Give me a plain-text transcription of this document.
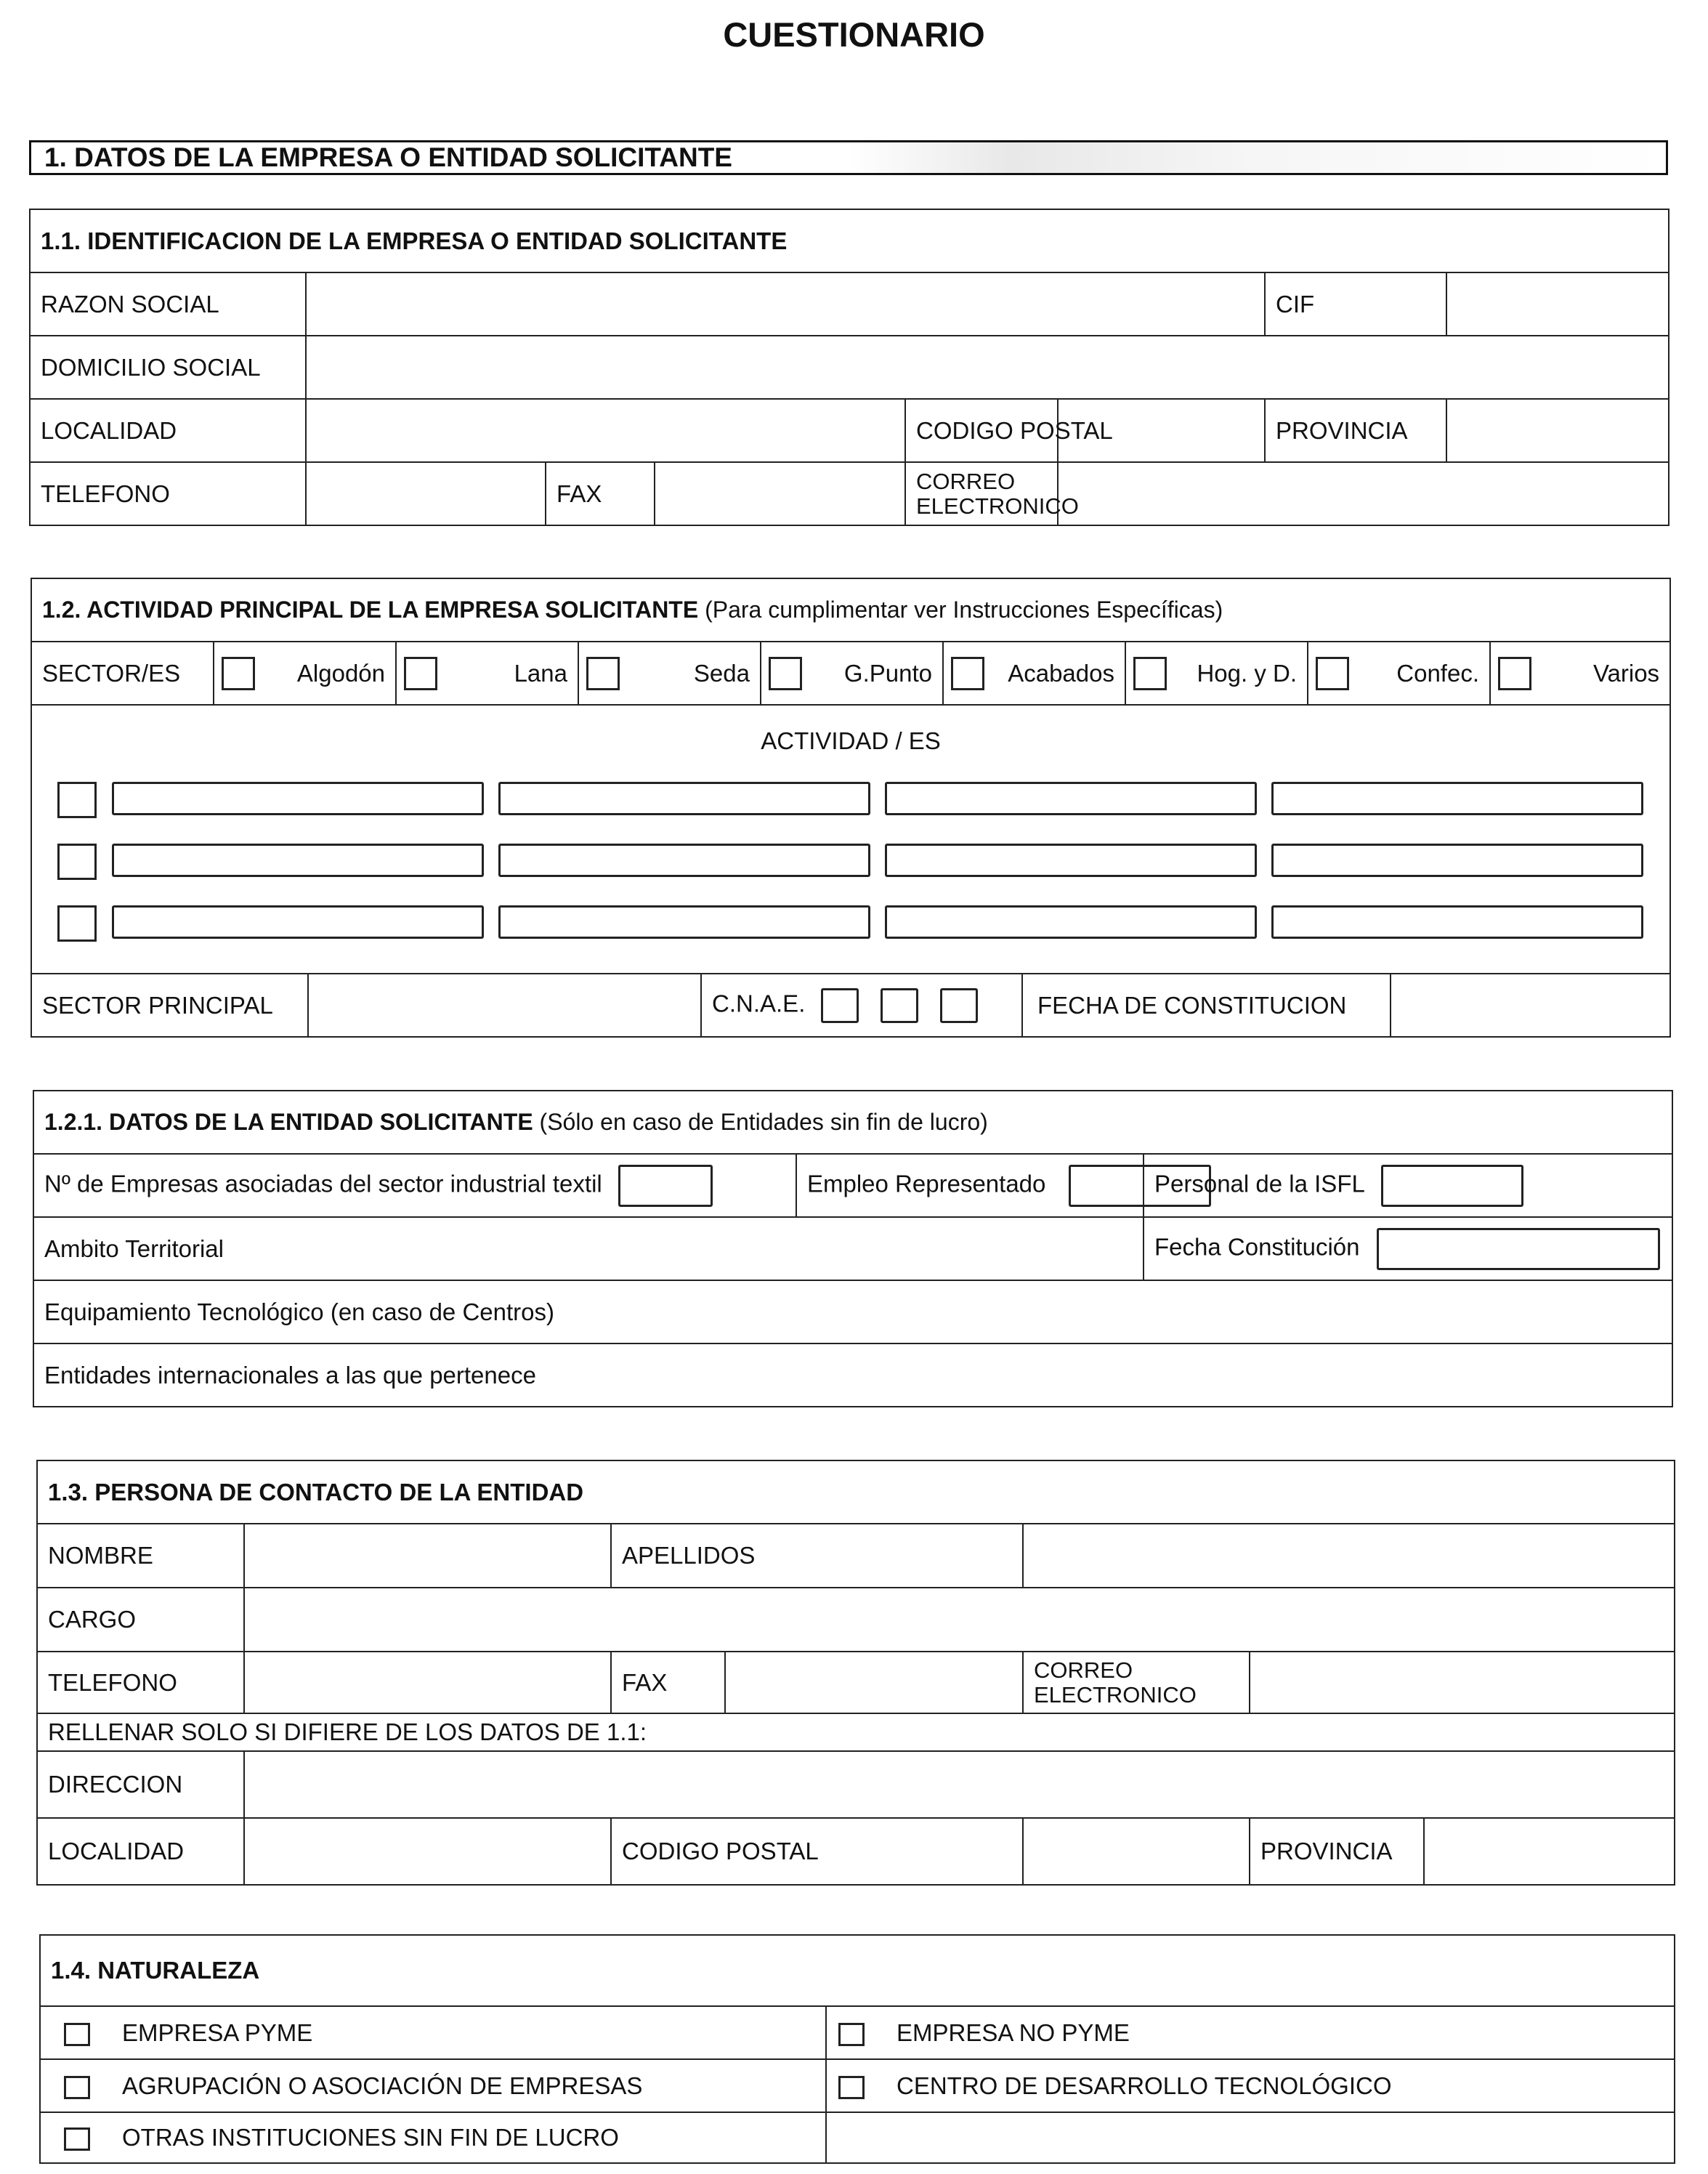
CUESTIONARIO
1. DATOS DE LA EMPRESA O ENTIDAD SOLICITANTE
1.1. IDENTIFICACION DE LA EMPRESA O ENTIDAD SOLICITANTE							
RAZON SOCIAL						CIF	
DOMICILIO SOCIAL							
LOCALIDAD				CODIGO POSTAL		PROVINCIA	
TELEFONO		FAX		CORREO ELECTRONICO			
1.2. ACTIVIDAD PRINCIPAL DE LA EMPRESA SOLICITANTE (Para cumplimentar ver Instrucciones Específicas)
SECTOR/ES	Algodón	Lana	Seda	G.Punto	Acabados	Hog. y D.	Confec.	Varios

ACTIVIDAD / ES
SECTOR PRINCIPAL		C.N.A.E.	FECHA DE CONSTITUCION	
1.2.1. DATOS DE LA ENTIDAD SOLICITANTE (Sólo en caso de Entidades sin fin de lucro)		
Nº de Empresas asociadas del sector industrial textil	Empleo Representado	Personal de la ISFL
Ambito Territorial		Fecha Constitución
Equipamiento Tecnológico (en caso de Centros)		
Entidades internacionales a las que pertenece		
1.3. PERSONA DE CONTACTO DE LA ENTIDAD					
NOMBRE		APELLIDOS			
CARGO					
TELEFONO		FAX		CORREO ELECTRONICO	
RELLENAR SOLO SI DIFIERE DE LOS DATOS DE 1.1:					
DIRECCION					
LOCALIDAD		CODIGO POSTAL			PROVINCIA
1.4. NATURALEZA	
EMPRESA PYME	EMPRESA NO PYME
AGRUPACIÓN O ASOCIACIÓN DE EMPRESAS	CENTRO DE DESARROLLO TECNOLÓGICO
OTRAS INSTITUCIONES SIN FIN DE LUCRO	
